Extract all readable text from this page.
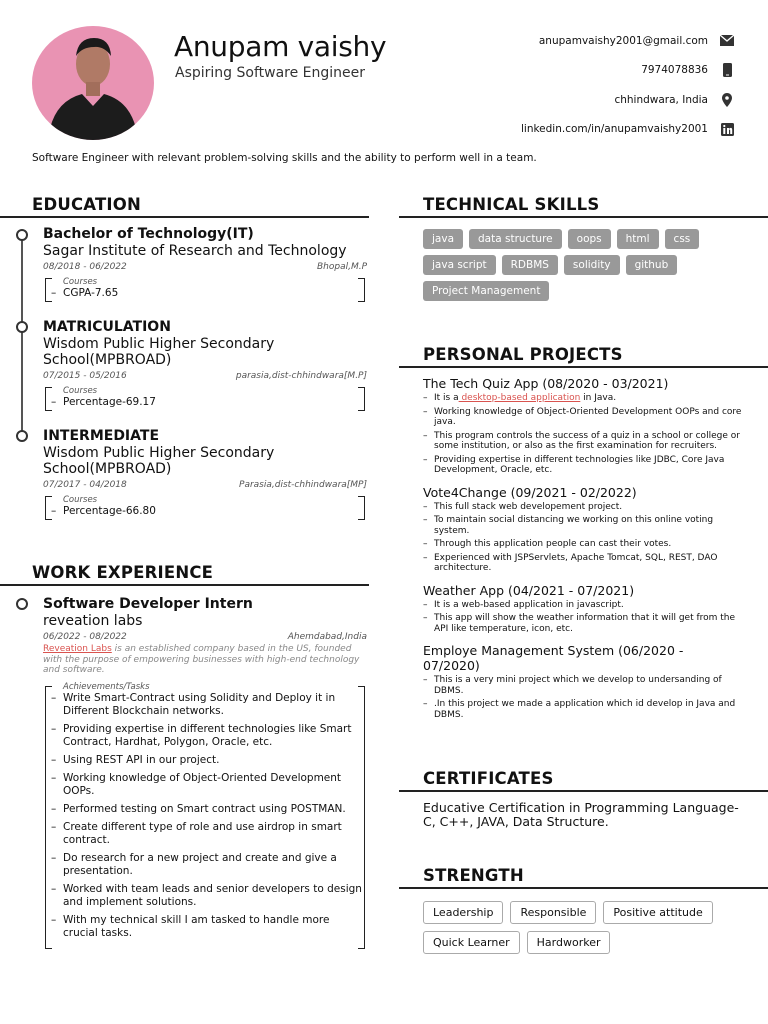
Anupam vaishy
Aspiring Software Engineer
anupamvaishy2001@gmail.com
7974078836
chhindwara, India
linkedin.com/in/anupamvaishy2001
Software Engineer with relevant problem-solving skills and the ability to perform well in a team.
EDUCATION
Bachelor of Technology(IT)
Sagar Institute of Research and Technology
08/2018 - 06/2022	Bhopal,M.P
Courses
– CGPA-7.65
MATRICULATION
Wisdom Public Higher Secondary School(MPBROAD)
07/2015 - 05/2016	parasia,dist-chhindwara[M.P]
Courses
– Percentage-69.17
INTERMEDIATE
Wisdom Public Higher Secondary School(MPBROAD)
07/2017 - 04/2018	Parasia,dist-chhindwara[MP]
Courses
– Percentage-66.80
WORK EXPERIENCE
Software Developer Intern
reveation labs
06/2022 - 08/2022	Ahemdabad,India
Reveation Labs is an established company based in the US, founded with the purpose of empowering businesses with high-end technology and software.
Achievements/Tasks
– Write Smart-Contract using Solidity and Deploy it in Different Blockchain networks.
– Providing expertise in different technologies like Smart Contract, Hardhat, Polygon, Oracle, etc.
– Using REST API in our project.
– Working knowledge of Object-Oriented Development OOPs.
– Performed testing on Smart contract using POSTMAN.
– Create different type of role and use airdrop in smart contract.
– Do research for a new project and create and give a presentation.
– Worked with team leads and senior developers to design and implement solutions.
– With my technical skill I am tasked to handle more crucial tasks.
TECHNICAL SKILLS
java	data structure	oops	html	css
java script	RDBMS	solidity	github
Project Management
PERSONAL PROJECTS
The Tech Quiz App (08/2020 - 03/2021)
– It is a desktop-based application in Java.
– Working knowledge of Object-Oriented Development OOPs and core java.
– This program controls the success of a quiz in a school or college or some institution, or also as the first examination for recruiters.
– Providing expertise in different technologies like JDBC, Core Java Development, Oracle, etc.
Vote4Change (09/2021 - 02/2022)
– This full stack web developement project.
– To maintain social distancing we working on this online voting system.
– Through this application people can cast their votes.
– Experienced with JSPServlets, Apache Tomcat, SQL, REST, DAO architecture.
Weather App (04/2021 - 07/2021)
– It is a web-based application in javascript.
– This app will show the weather information that it will get from the API like temperature, icon, etc.
Employe Management System (06/2020 - 07/2020)
– This is a very mini project which we develop to undersanding of DBMS.
– .In this project we made a application which id develop in Java and DBMS.
CERTIFICATES
Educative Certification in Programming Language- C, C++, JAVA, Data Structure.
STRENGTH
Leadership	Responsible	Positive attitude
Quick Learner	Hardworker
